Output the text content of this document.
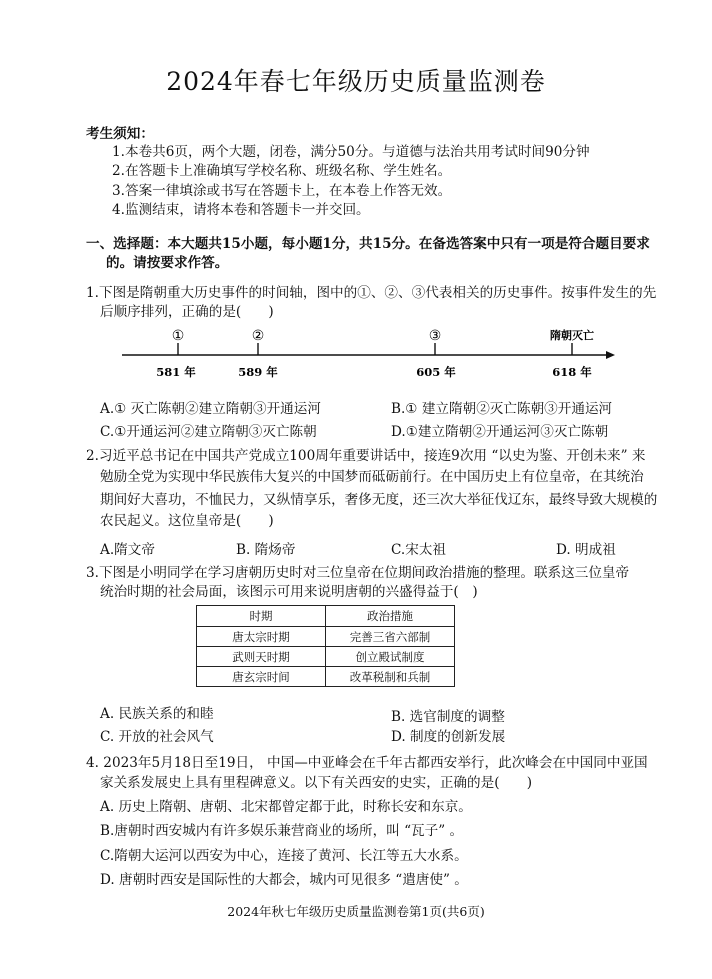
2024年春七年级历史质量监测卷
考生须知：
1.本卷共6页，两个大题，闭卷，满分50分。与道德与法治共用考试时间90分钟
2.在答题卡上准确填写学校名称、班级名称、学生姓名。
3.答案一律填涂或书写在答题卡上，在本卷上作答无效。
4.监测结束，请将本卷和答题卡一并交回。
一、选择题：本大题共15小题，每小题1分，共15分。在备选答案中只有一项是符合题目要求
的。请按要求作答。
1.下图是隋朝重大历史事件的时间轴，图中的①、②、③代表相关的历史事件。按事件发生的先
后顺序排列，正确的是(　　)
①	②	③	隋朝灭亡
581 年	589 年	605 年	618 年
A.① 灭亡陈朝②建立隋朝③开通运河	B.① 建立隋朝②灭亡陈朝③开通运河
C.①开通运河②建立隋朝③灭亡陈朝	D.①建立隋朝②开通运河③灭亡陈朝
2.习近平总书记在中国共产党成立100周年重要讲话中，接连9次用 “以史为鉴、开创未来” 来
勉励全党为实现中华民族伟大复兴的中国梦而砥砺前行。在中国历史上有位皇帝，在其统治
期间好大喜功，不恤民力，又纵情享乐，奢侈无度，还三次大举征伐辽东，最终导致大规模的
农民起义。这位皇帝是(　　)
A.隋文帝	B. 隋炀帝	C.宋太祖	D. 明成祖
3.下图是小明同学在学习唐朝历史时对三位皇帝在位期间政治措施的整理。联系这三位皇帝
统治时期的社会局面，该图示可用来说明唐朝的兴盛得益于(　)
时期	政治措施
唐太宗时期	完善三省六部制
武则天时期	创立殿试制度
唐玄宗时间	改革税制和兵制
A. 民族关系的和睦	B. 选官制度的调整
C. 开放的社会风气	D. 制度的创新发展
4. 2023年5月18日至19日， 中国—中亚峰会在千年古都西安举行，此次峰会在中国同中亚国
家关系发展史上具有里程碑意义。以下有关西安的史实，正确的是(　　)
A. 历史上隋朝、唐朝、北宋都曾定都于此，时称长安和东京。
B.唐朝时西安城内有许多娱乐兼营商业的场所，叫 “瓦子” 。
C.隋朝大运河以西安为中心，连接了黄河、长江等五大水系。
D. 唐朝时西安是国际性的大都会，城内可见很多 “遣唐使” 。
2024年秋七年级历史质量监测卷第1页(共6页)
